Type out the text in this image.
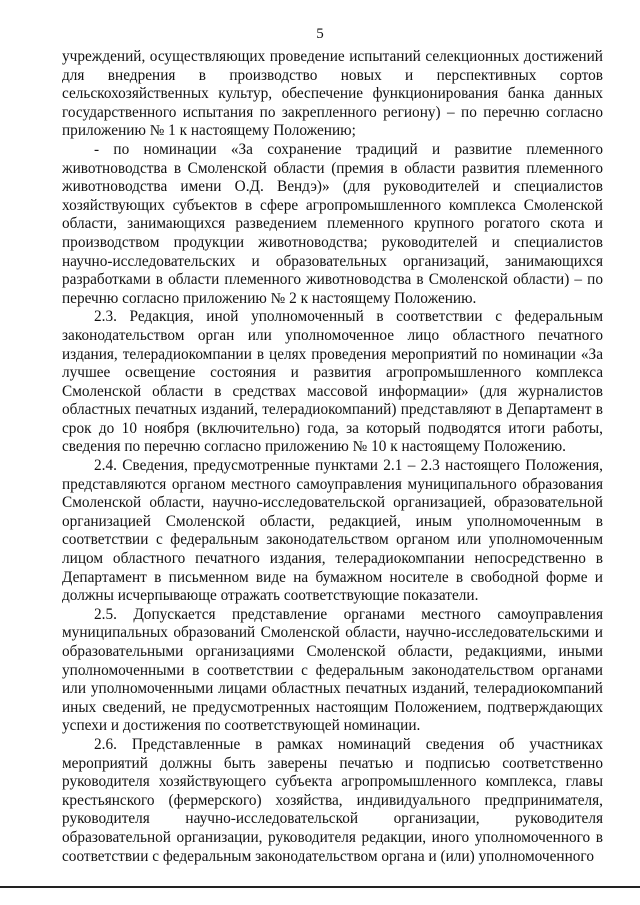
5

учреждений, осуществляющих проведение испытаний селекционных достижений для внедрения в производство новых и перспективных сортов сельскохозяйственных культур, обеспечение функционирования банка данных государственного испытания по закрепленного региону) – по перечню согласно приложению № 1 к настоящему Положению;

- по номинации «За сохранение традиций и развитие племенного животноводства в Смоленской области (премия в области развития племенного животноводства имени О.Д. Вендэ)» (для руководителей и специалистов хозяйствующих субъектов в сфере агропромышленного комплекса Смоленской области, занимающихся разведением племенного крупного рогатого скота и производством продукции животноводства; руководителей и специалистов научно-исследовательских и образовательных организаций, занимающихся разработками в области племенного животноводства в Смоленской области) – по перечню согласно приложению № 2 к настоящему Положению.

2.3. Редакция, иной уполномоченный в соответствии с федеральным законодательством орган или уполномоченное лицо областного печатного издания, телерадиокомпании в целях проведения мероприятий по номинации «За лучшее освещение состояния и развития агропромышленного комплекса Смоленской области в средствах массовой информации» (для журналистов областных печатных изданий, телерадиокомпаний) представляют в Департамент в срок до 10 ноября (включительно) года, за который подводятся итоги работы, сведения по перечню согласно приложению № 10 к настоящему Положению.

2.4. Сведения, предусмотренные пунктами 2.1 – 2.3 настоящего Положения, представляются органом местного самоуправления муниципального образования Смоленской области, научно-исследовательской организацией, образовательной организацией Смоленской области, редакцией, иным уполномоченным в соответствии с федеральным законодательством органом или уполномоченным лицом областного печатного издания, телерадиокомпании непосредственно в Департамент в письменном виде на бумажном носителе в свободной форме и должны исчерпывающе отражать соответствующие показатели.

2.5. Допускается представление органами местного самоуправления муниципальных образований Смоленской области, научно-исследовательскими и образовательными организациями Смоленской области, редакциями, иными уполномоченными в соответствии с федеральным законодательством органами или уполномоченными лицами областных печатных изданий, телерадиокомпаний иных сведений, не предусмотренных настоящим Положением, подтверждающих успехи и достижения по соответствующей номинации.

2.6. Представленные в рамках номинаций сведения об участниках мероприятий должны быть заверены печатью и подписью соответственно руководителя хозяйствующего субъекта агропромышленного комплекса, главы крестьянского (фермерского) хозяйства, индивидуального предпринимателя, руководителя научно-исследовательской организации, руководителя образовательной организации, руководителя редакции, иного уполномоченного в соответствии с федеральным законодательством органа и (или) уполномоченного
